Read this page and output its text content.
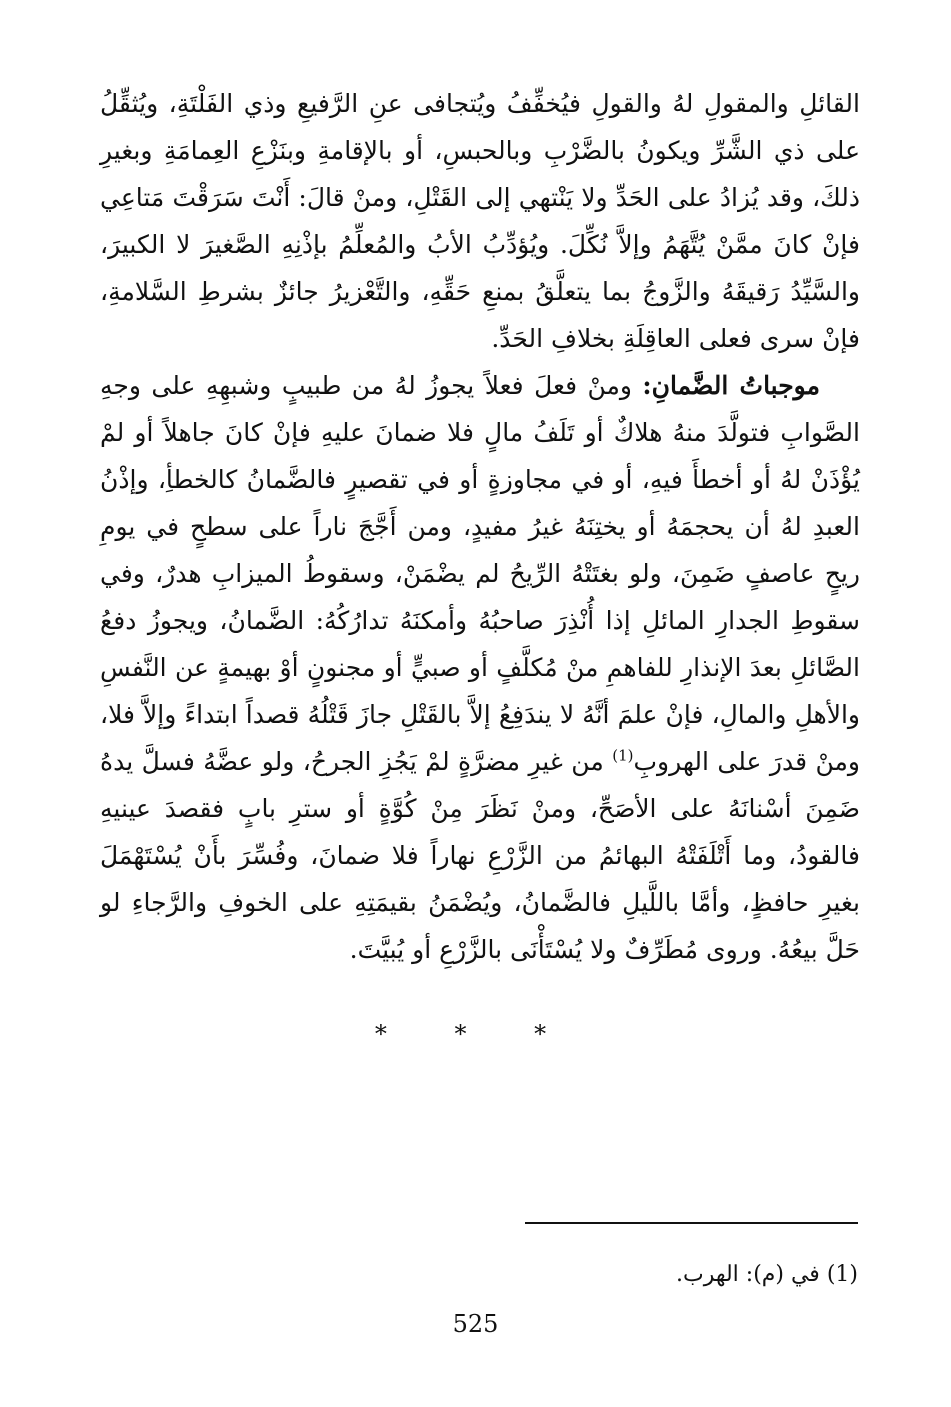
القائلِ والمقولِ لهُ والقولِ فيُخفِّفُ ويُتجافى عنِ الرَّفيعِ وذي الفَلْتَةِ، ويُثقِّلُ على ذي الشَّرِّ ويكونُ بالضَّرْبِ وبالحبسِ، أو بالإقامةِ وبنَزْعِ العِمامَةِ وبغيرِ ذلكَ، وقد يُزادُ على الحَدِّ ولا يَنْتهي إلى القَتْلِ، ومنْ قالَ: أَنْتَ سَرَقْتَ مَتاعِي فإنْ كانَ ممَّنْ يُتَّهَمُ وإلاَّ نُكِّلَ. ويُؤدِّبُ الأبُ والمُعلِّمُ بإذْنِهِ الصَّغيرَ لا الكبيرَ، والسَّيِّدُ رَقيقَهُ والزَّوجُ بما يتعلَّقُ بمنعِ حَقِّهِ، والتَّعْزيرُ جائزٌ بشرطِ السَّلامةِ، فإنْ سرى فعلى العاقِلَةِ بخلافِ الحَدِّ.

موجباتُ الضَّمانِ: ومنْ فعلَ فعلاً يجوزُ لهُ من طبيبٍ وشبهِهِ على وجهِ الصَّوابِ فتولَّدَ منهُ هلاكٌ أو تَلَفُ مالٍ فلا ضمانَ عليهِ فإنْ كانَ جاهلاً أو لمْ يُؤْذَنْ لهُ أو أخطأَ فيهِ، أو في مجاوزةٍ أو في تقصيرٍ فالضَّمانُ كالخطأِ، وإذْنُ العبدِ لهُ أن يحجمَهُ أو يختِنَهُ غيرُ مفيدٍ، ومن أَجَّجَ ناراً على سطحٍ في يومِ ريحٍ عاصفٍ ضَمِنَ، ولو بغتَتْهُ الرِّيحُ لم يضْمَنْ، وسقوطُ الميزابِ هدرٌ، وفي سقوطِ الجدارِ المائلِ إذا أُنْذِرَ صاحبُهُ وأمكنَهُ تدارُكُهُ: الضَّمانُ، ويجوزُ دفعُ الصَّائلِ بعدَ الإنذارِ للفاهمِ منْ مُكلَّفٍ أو صبيٍّ أو مجنونٍ أوْ بهيمةٍ عن النَّفسِ والأهلِ والمالِ، فإنْ علمَ أنَّهُ لا يندَفِعُ إلاَّ بالقَتْلِ جازَ قَتْلُهُ قصداً ابتداءً وإلاَّ فلا، ومنْ قدرَ على الهروبِ$^{(1)}$ من غيرِ مضرَّةٍ لمْ يَجُزِ الجرحُ، ولو عضَّهُ فسلَّ يدهُ ضَمِنَ أسْنانَهُ على الأصَحِّ، ومنْ نَظَرَ مِنْ كُوَّةٍ أو سترِ بابٍ فقصدَ عينيهِ فالقودُ، وما أَتْلَفَتْهُ البهائمُ من الزَّرْعِ نهاراً فلا ضمانَ، وفُسِّرَ بأَنْ يُسْتَهْمَلَ بغيرِ حافظٍ، وأمَّا باللَّيلِ فالضَّمانُ، ويُضْمَنُ بقيمَتِهِ على الخوفِ والرَّجاءِ لو حَلَّ بيعُهُ. وروى مُطَرِّفٌ ولا يُسْتَأْنَى بالزَّرْعِ أو يُبيَّتَ.

* * *
(1) في (م): الهرب.
525
